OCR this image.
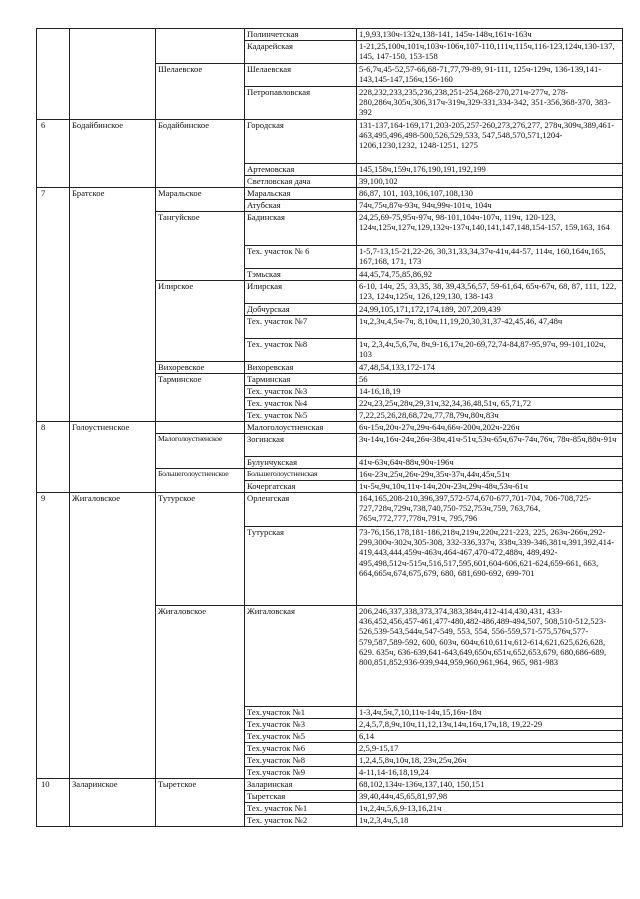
			Полинчетская	1,9,93,130ч-132ч,138-141, 145ч-148ч,161ч-163ч
			Кадарейская	1-21,25,100ч,101ч,103ч-106ч,107-110,111ч,115ч,116-123,124ч,130-137, 145, 147-150, 153-158
		Шелаевское	Шелаевская	5-6,7ч,45-52,57-66,68-71,77,79-89, 91-111, 125ч-129ч, 136-139,141-143,145-147,156ч,156-160
			Петропавловская	228,232,233,235,236,238,251-254,268-270,271ч-277ч, 278-280,286ч,305ч,306,317ч-319ч,329-331,334-342, 351-356,368-370, 383-392
6	Бодайбинское	Бодайбинское	Городская	131-137,164-169,171,203-205,257-260,273,276,277, 278ч,309ч,389,461-463,495,496,498-500,526,529,533, 547,548,570,571,1204-1206,1230,1232, 1248-1251, 1275
			Артемовская	145,158ч,159ч,176,190,191,192,199
			Светловская дача	39,100,102
7	Братское	Маральское	Маральская	86,87, 101, 103,106,107,108,130
			Атубская	74ч,75ч,87ч-93ч, 94ч,99ч-101ч, 104ч
		Тангуйское	Бадинская	24,25,69-75,95ч-97ч, 98-101,104ч-107ч, 119ч, 120-123, 124ч,125ч,127ч,129,132ч-137ч,140,141,147,148,154-157, 159,163, 164
			Тех. участок № 6	1-5,7-13,15-21,22-26, 30,31,33,34,37ч-41ч,44-57, 114ч, 160,164ч,165, 167,168, 171, 173
			Тэмьская	44,45,74,75,85,86,92
		Илирское	Илирская	6-10, 14ч, 25, 33,35, 38, 39,43,56,57, 59-61,64, 65ч-67ч, 68, 87, 111, 122, 123, 124ч,125ч, 126,129,130, 138-143
			Добчурская	24,99,105,171,172,174,189, 207,209,439
			Тех. участок №7	1ч,2,3ч,4,5ч-7ч, 8,10ч,11,19,20,30,31,37-42,45,46, 47,48ч
			Тех. участок №8	1ч, 2,3,4ч,5,6,7ч, 8ч,9-16,17ч,20-69,72,74-84,87-95,97ч, 99-101,102ч, 103
		Вихоревское	Вихоревская	47,48,54,133,172-174
		Тарминское	Тарминская	56
			Тех. участок №3	14-16,18,19
			Тех. участок №4	22ч,23,25ч,28ч,29,31ч,32,34,36,48,51ч, 65,71,72
			Тех. участок №5	7,22,25,26,28,68,72ч,77,78,79ч,80ч,83ч
8	Голоустненское		Малоголоустненская	6ч-15ч,20ч-27ч,29ч-64ч,66ч-200ч,202ч-226ч
		Малоголоустненское	Зогинская	3ч-14ч,16ч-24ч,26ч-38ч,41ч-51ч,53ч-65ч,67ч-74ч,76ч, 78ч-85ч,88ч-91ч
			Булунчукская	41ч-63ч,64ч-88ч,90ч-196ч
		Большеголоустненское	Большеголоустненская	16ч-23ч,25ч,26ч-29ч,35ч-37ч,44ч,45ч,51ч
			Кочергатская	1ч-5ч,9ч,10ч,11ч-14ч,20ч-23ч,29ч-48ч,53ч-61ч
9	Жигаловское	Тутурское	Орленгская	164,165,208-210,396,397,572-574,670-677,701-704, 706-708,725-727,728ч,729ч,738,740,750-752,753ч,759, 763,764, 765ч,772,777,778ч,791ч, 795,796
			Тутурская	73-76,156,178,181-186,218ч,219ч,220ч,221-223, 225, 263ч-266ч,292-299,300ч-302ч,305-308, 332-336,337ч, 338ч,339-346,381ч,391,392,414-419,443,444,459ч-463ч,464-467,470-472,488ч, 489,492-495,498,512ч-515ч,516,517,595,601,604-606,621-624,659-661, 663, 664,665ч,674,675,679, 680, 681,690-692, 699-701
		Жигаловское	Жигаловская	206,246,337,338,373,374,383,384ч,412-414,430,431, 433-436,452,456,457-461,477-480,482-486,489-494,507, 508,510-512,523-526,539-543,544ч,547-549, 553, 554, 556-559,571-575,576ч,577-579,587,589-592, 600, 603ч, 604ч,610,611ч,612-614,621,625,626,628, 629. 635ч, 636-639,641-643,649,650ч,651ч,652,653,679, 680,686-689, 800,851,852,936-939,944,959,960,961,964, 965, 981-983
			Тех.участок №1	1-3,4ч,5ч,7,10,11ч-14ч,15,16ч-18ч
			Тех.участок №3	2,4,5,7,8,9ч,10ч,11,12,13ч,14ч,16ч,17ч,18, 19,22-29
			Тех.участок №5	6,14
			Тех.участок №6	2,5,9-15,17
			Тех.участок №8	1,2,4,5,8ч,10ч,18, 23ч,25ч,26ч
			Тех.участок №9	4-11,14-16,18,19,24
10	Заларинское	Тыретское	Заларинская	68,102,134ч-136ч,137,140, 150,151
			Тыретская	39,40,44ч,45,65,81,97,98
			Тех. участок №1	1ч,2,4ч,5,6,9-13,16,21ч
			Тех. участок №2	1ч,2,3,4ч,5,18
